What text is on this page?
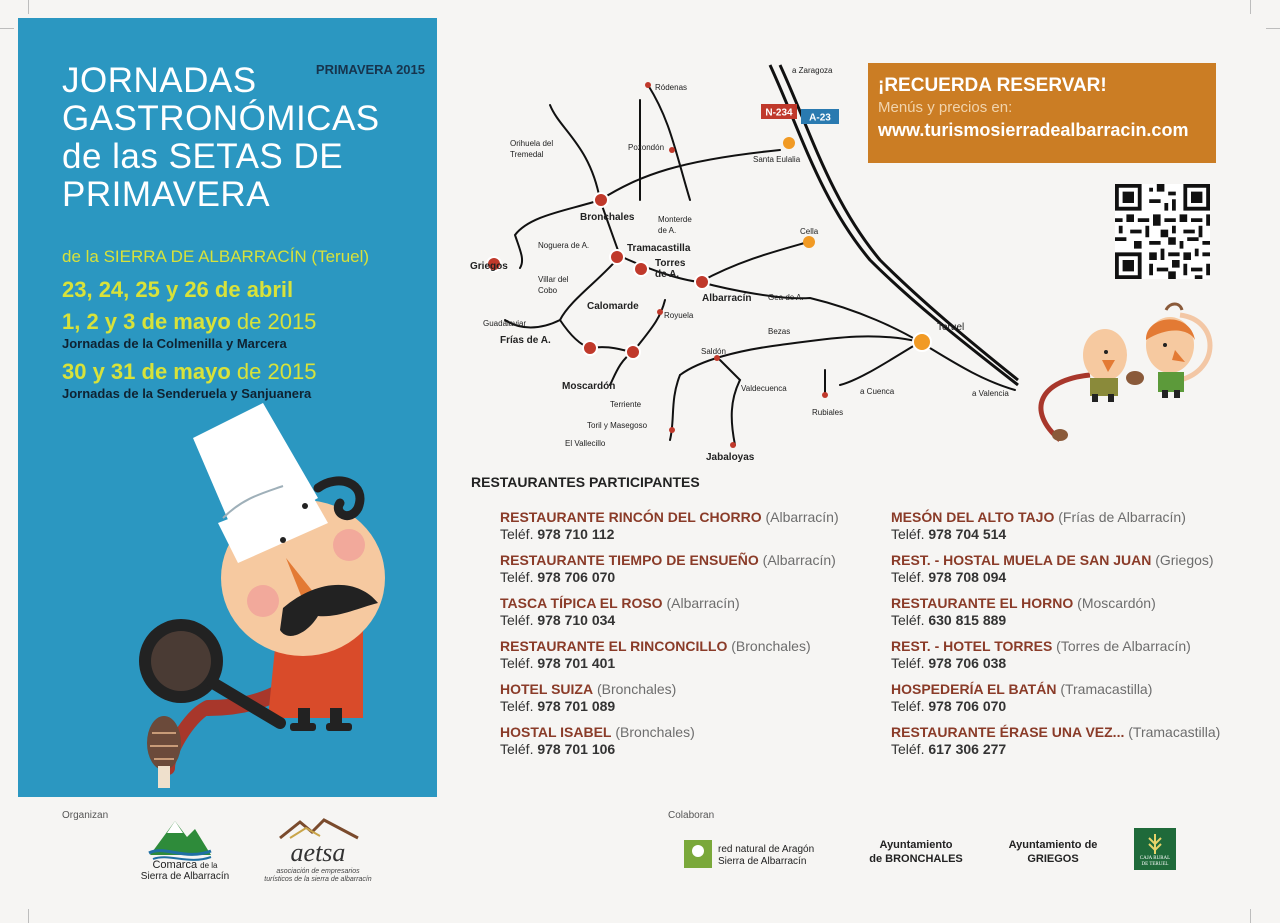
PRIMAVERA 2015
JORNADAS
GASTRONÓMICAS
de las SETAS DE
PRIMAVERA
de la SIERRA DE ALBARRACÍN (Teruel)
23, 24, 25 y 26 de abril
1, 2 y 3 de mayo de 2015
Jornadas de la Colmenilla y Marcera
30 y 31 de mayo de 2015
Jornadas de la Senderuela y Sanjuanera
N-234 A-23
a Zaragoza
Ródenas
Pozondón
Santa Eulalia
Orihuela del
Tremedal
Bronchales	Monterde
de A.
Noguera de A.	Tramacastilla
Torres
de A.
Cella
Griegos
Villar del
Cobo
Albarracín Gea de A.
Calomarde
Royuela
Guadalaviar
Frías de A.
Teruel
Bezas
Saldón
Moscardón	Valdecuenca	a Cuenca	a Valencia
Terriente
Rubiales
Toril y Masegoso
El Vallecillo
Jabaloyas
¡RECUERDA RESERVAR!
Menús y precios en:
www.turismosierradealbarracin.com
RESTAURANTES PARTICIPANTES
RESTAURANTE RINCÓN DEL CHORRO (Albarracín)
Teléf. 978 710 112
RESTAURANTE TIEMPO DE ENSUEÑO (Albarracín)
Teléf. 978 706 070
TASCA TÍPICA EL ROSO (Albarracín)
Teléf. 978 710 034
RESTAURANTE EL RINCONCILLO (Bronchales)
Teléf. 978 701 401
HOTEL SUIZA (Bronchales)
Teléf. 978 701 089
HOSTAL ISABEL (Bronchales)
Teléf. 978 701 106
MESÓN DEL ALTO TAJO (Frías de Albarracín)
Teléf. 978 704 514
REST. - HOSTAL MUELA DE SAN JUAN (Griegos)
Teléf. 978 708 094
RESTAURANTE EL HORNO (Moscardón)
Teléf. 630 815 889
REST. - HOTEL TORRES (Torres de Albarracín)
Teléf. 978 706 038
HOSPEDERÍA EL BATÁN (Tramacastilla)
Teléf. 978 706 070
RESTAURANTE ÉRASE UNA VEZ... (Tramacastilla)
Teléf. 617 306 277
Organizan	Colaboran
Comarca de la
Sierra de Albarracín
aetsa
asociación de empresarios
turísticos de la sierra de albarracín
red natural de Aragón
Sierra de Albarracín
Ayuntamiento
de BRONCHALES
Ayuntamiento de
GRIEGOS	CAJA RURAL
DE TERUEL
